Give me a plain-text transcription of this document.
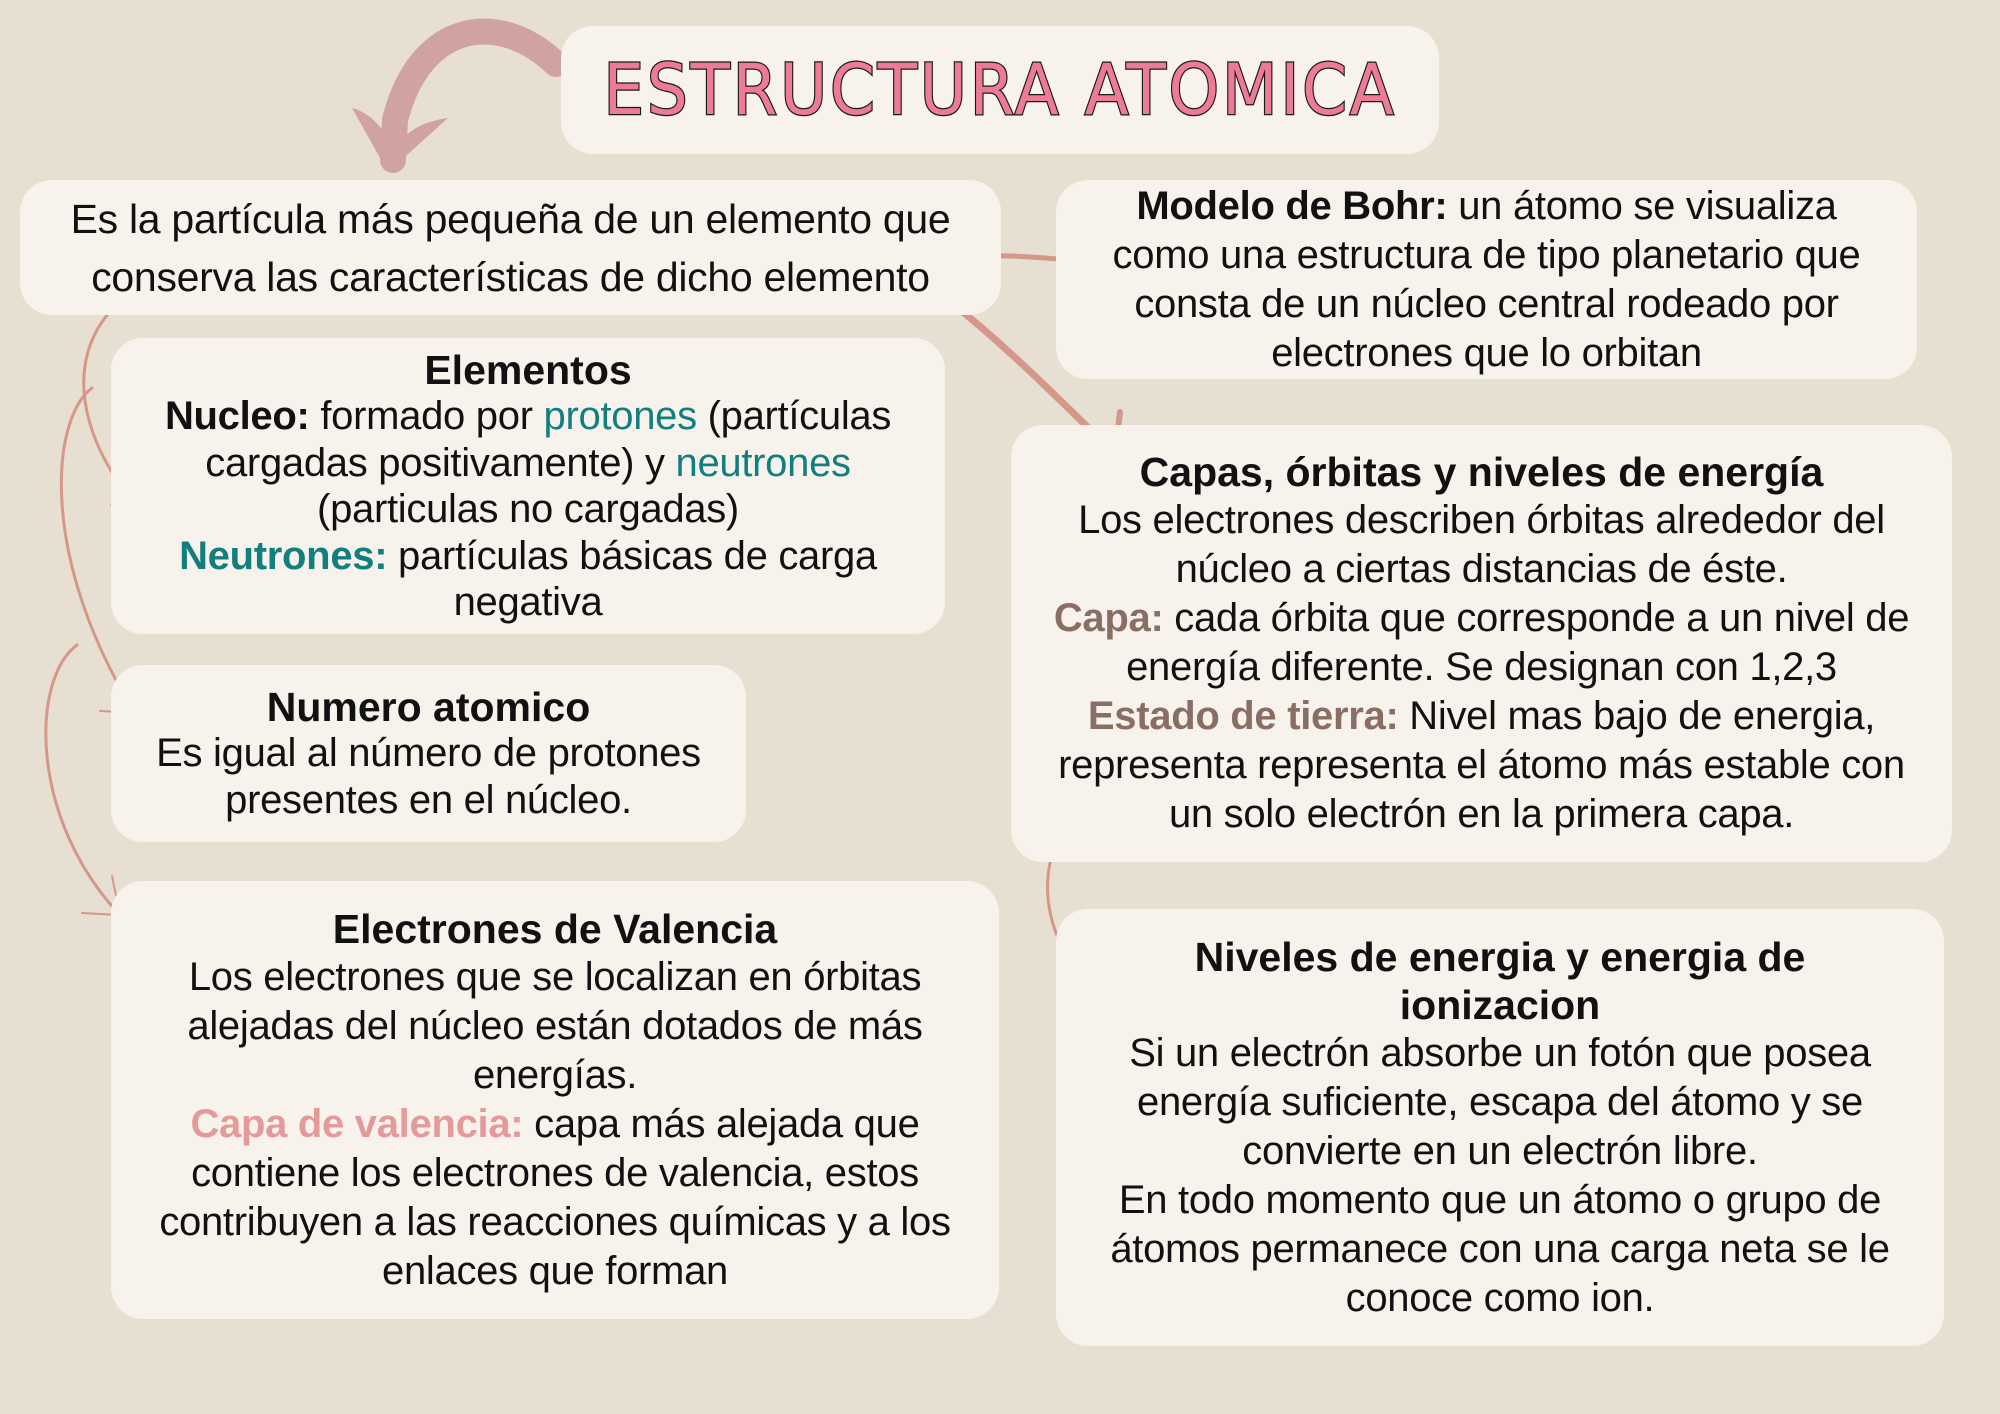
ESTRUCTURA ATOMICA
Es la partícula más pequeña de un elemento que
conserva las características de dicho elemento
Modelo de Bohr: un átomo se visualiza como una estructura de tipo planetario que consta de un núcleo central rodeado por electrones que lo orbitan
Elementos
Nucleo: formado por protones (partículas cargadas positivamente) y neutrones (particulas no cargadas)
Neutrones: partículas básicas de carga negativa
Numero atomico
Es igual al número de protones presentes en el núcleo.
Electrones de Valencia
Los electrones que se localizan en órbitas alejadas del núcleo están dotados de más energías.
Capa de valencia: capa más alejada que contiene los electrones de valencia, estos contribuyen a las reacciones químicas y a los enlaces que forman
Capas, órbitas y niveles de energía
Los electrones describen órbitas alrededor del núcleo a ciertas distancias de éste.
Capa: cada órbita que corresponde a un nivel de energía diferente. Se designan con 1,2,3
Estado de tierra: Nivel mas bajo de energia, representa representa el átomo más estable con un solo electrón en la primera capa.
Niveles de energia y energia de ionizacion
Si un electrón absorbe un fotón que posea energía suficiente, escapa del átomo y se convierte en un electrón libre.
En todo momento que un átomo o grupo de átomos permanece con una carga neta se le conoce como ion.
